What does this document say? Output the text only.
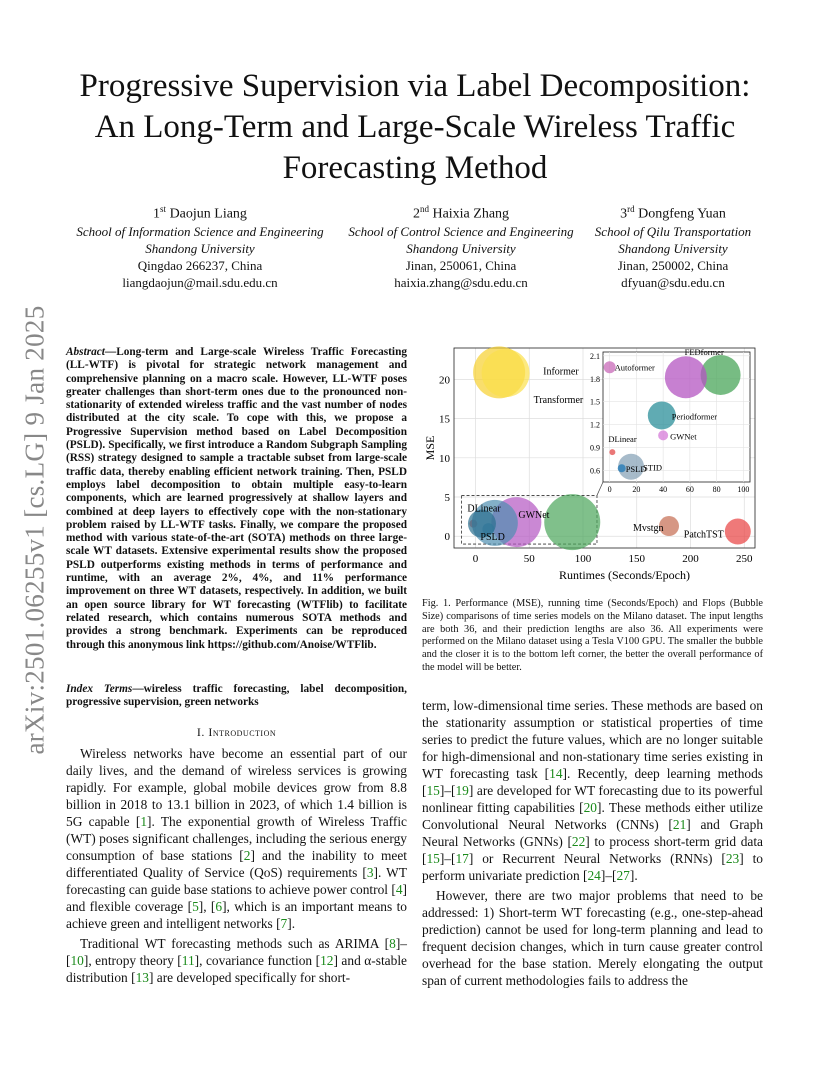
arXiv:2501.06255v1 [cs.LG] 9 Jan 2025
Progressive Supervision via Label Decomposition:
An Long-Term and Large-Scale Wireless Traffic
Forecasting Method
1st Daojun Liang
School of Information Science and Engineering
Shandong University
Qingdao 266237, China
liangdaojun@mail.sdu.edu.cn
2nd Haixia Zhang
School of Control Science and Engineering
Shandong University
Jinan, 250061, China
haixia.zhang@sdu.edu.cn
3rd Dongfeng Yuan
School of Qilu Transportation
Shandong University
Jinan, 250002, China
dfyuan@sdu.edu.cn

Abstract—Long-term and Large-scale Wireless Traffic Forecasting (LL-WTF) is pivotal for strategic network management and comprehensive planning on a macro scale. However, LL-WTF poses greater challenges than short-term ones due to the pronounced non-stationarity of extended wireless traffic and the vast number of nodes distributed at the city scale. To cope with this, we propose a Progressive Supervision method based on Label Decomposition (PSLD). Specifically, we first introduce a Random Subgraph Sampling (RSS) strategy designed to sample a tractable subset from large-scale traffic data, thereby enabling efficient network training. Then, PSLD employs label decomposition to obtain multiple easy-to-learn components, which are learned progressively at shallow layers and combined at deep layers to effectively cope with the non-stationary problem raised by LL-WTF tasks. Finally, we compare the proposed method with various state-of-the-art (SOTA) methods on three large-scale WT datasets. Extensive experimental results show the proposed PSLD outperforms existing methods in terms of performance and runtime, with an average 2%, 4%, and 11% performance improvement on three WT datasets, respectively. In addition, we built an open source library for WT forecasting (WTFlib) to facilitate related research, which contains numerous SOTA methods and provides a strong benchmark. Experiments can be reproduced through this anonymous link https://github.com/Anoise/WTFlib.

Index Terms—wireless traffic forecasting, label decomposition, progressive supervision, green networks

I. Introduction

Wireless networks have become an essential part of our daily lives, and the demand of wireless services is growing rapidly. For example, global mobile devices grow from 8.8 billion in 2018 to 13.1 billion in 2023, of which 1.4 billion is 5G capable [1]. The exponential growth of Wireless Traffic (WT) poses significant challenges, including the serious energy consumption of base stations [2] and the inability to meet differentiated Quality of Service (QoS) requirements [3]. WT forecasting can guide base stations to achieve power control [4] and flexible coverage [5], [6], which is an important means to achieve green and intelligent networks [7].

Traditional WT forecasting methods such as ARIMA [8]–[10], entropy theory [11], covariance function [12] and α-stable distribution [13] are developed specifically for short-

term, low-dimensional time series. These methods are based on the stationarity assumption or statistical properties of time series to predict the future values, which are no longer suitable for high-dimensional and non-stationary time series existing in WT forecasting task [14]. Recently, deep learning methods [15]–[19] are developed for WT forecasting due to its powerful nonlinear fitting capabilities [20]. These methods either utilize Convolutional Neural Networks (CNNs) [21] and Graph Neural Networks (GNNs) [22] to process short-term grid data [15]–[17] or Recurrent Neural Networks (RNNs) [23] to perform univariate prediction [24]–[27].

However, there are two major problems that need to be addressed: 1) Short-term WT forecasting (e.g., one-step-ahead prediction) cannot be used for long-term planning and lead to frequent decision changes, which in turn cause greater control overhead for the base station. Merely elongating the output span of current methodologies fails to address the

0	50	100	150	200	250
0
5
10
15
20
Runtimes (Seconds/Epoch)
MSE
0	20 40 60 80 100
0.6
0.9
1.2
1.5
1.8
2.1
Informer
Transformer
DLinear
GWNet
PSLD
Mvstgn
PatchTST
Autoformer
FEDformer
Periodformer
GWNet
DLinear
STID
PSLD
Fig. 1. Performance (MSE), running time (Seconds/Epoch) and Flops (Bubble Size) comparisons of time series models on the Milano dataset. The input lengths are both 36, and their prediction lengths are also 36. All experiments were performed on the Milano dataset using a Tesla V100 GPU. The smaller the bubble and the closer it is to the bottom left corner, the better the overall performance of the model will be better.
